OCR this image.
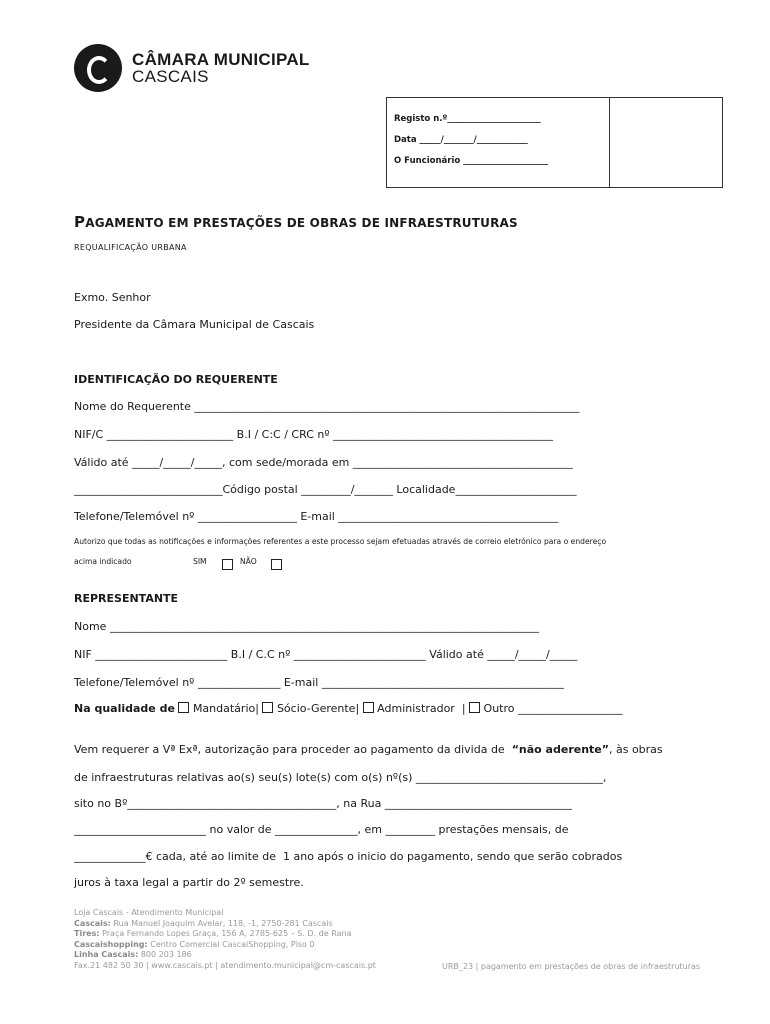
CÂMARA MUNICIPAL
CASCAIS
Registo n.º______________________
Data _____/_______/____________
O Funcionário ____________________
PAGAMENTO EM PRESTAÇÕES DE OBRAS DE INFRAESTRUTURAS
REQUALIFICAÇÃO URBANA
Exmo. Senhor
Presidente da Câmara Municipal de Cascais
IDENTIFICAÇÃO DO REQUERENTE
Nome do Requerente ______________________________________________________________________
NIF/C _______________________ B.I / C:C / CRC nº ________________________________________
Válido até _____/_____/_____, com sede/morada em ________________________________________
___________________________Código postal _________/_______ Localidade______________________
Telefone/Telemóvel nº __________________ E-mail ________________________________________
Autorizo que todas as notificações e informações referentes a este processo sejam efetuadas através de correio eletrónico para o endereço
acima indicado	SIM	NÃO
REPRESENTANTE
Nome ______________________________________________________________________________
NIF ________________________ B.I / C.C nº ________________________ Válido até _____/_____/_____
Telefone/Telemóvel nº _______________ E-mail ____________________________________________
Na qualidade de Mandatário| Sócio-Gerente| Administrador  | Outro ___________________
Vem requerer a Vª Exª, autorização para proceder ao pagamento da divida de  “não aderente”, às obras
de infraestruturas relativas ao(s) seu(s) lote(s) com o(s) nº(s) __________________________________,
sito no Bº______________________________________, na Rua __________________________________
________________________ no valor de _______________, em _________ prestações mensais, de
_____________€ cada, até ao limite de  1 ano após o inicio do pagamento, sendo que serão cobrados
juros à taxa legal a partir do 2º semestre.
Loja Cascais - Atendimento Municipal
Cascais: Rua Manuel Joaquim Avelar, 118, -1, 2750-281 Cascais
Tires: Praça Fernando Lopes Graça, 156 A, 2785-625 – S. D. de Rana
Cascaishopping: Centro Comercial CascaiShopping, Piso 0
Linha Cascais: 800 203 186
Fax.21 482 50 30 | www.cascais.pt | atendimento.municipal@cm-cascais.pt	URB_23 | pagamento em prestações de obras de infraestruturas
